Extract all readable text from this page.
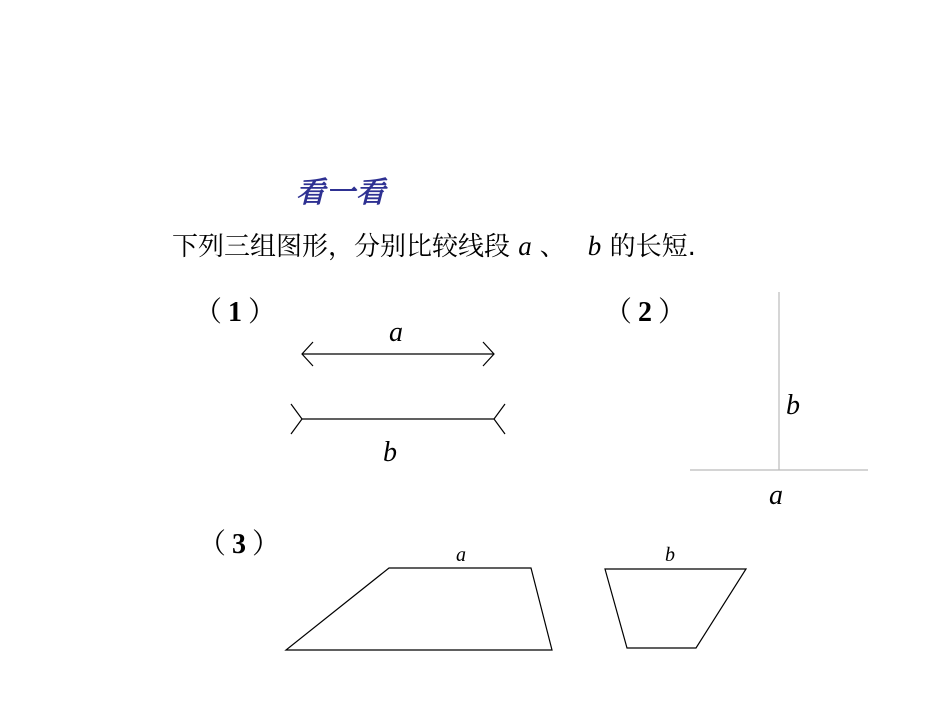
看一看
下列三组图形，分别比较线段 a 、 b 的长短.
（ 1 ）	（ 2 ）
（ 3 ）
a
b
b
a
a	b
